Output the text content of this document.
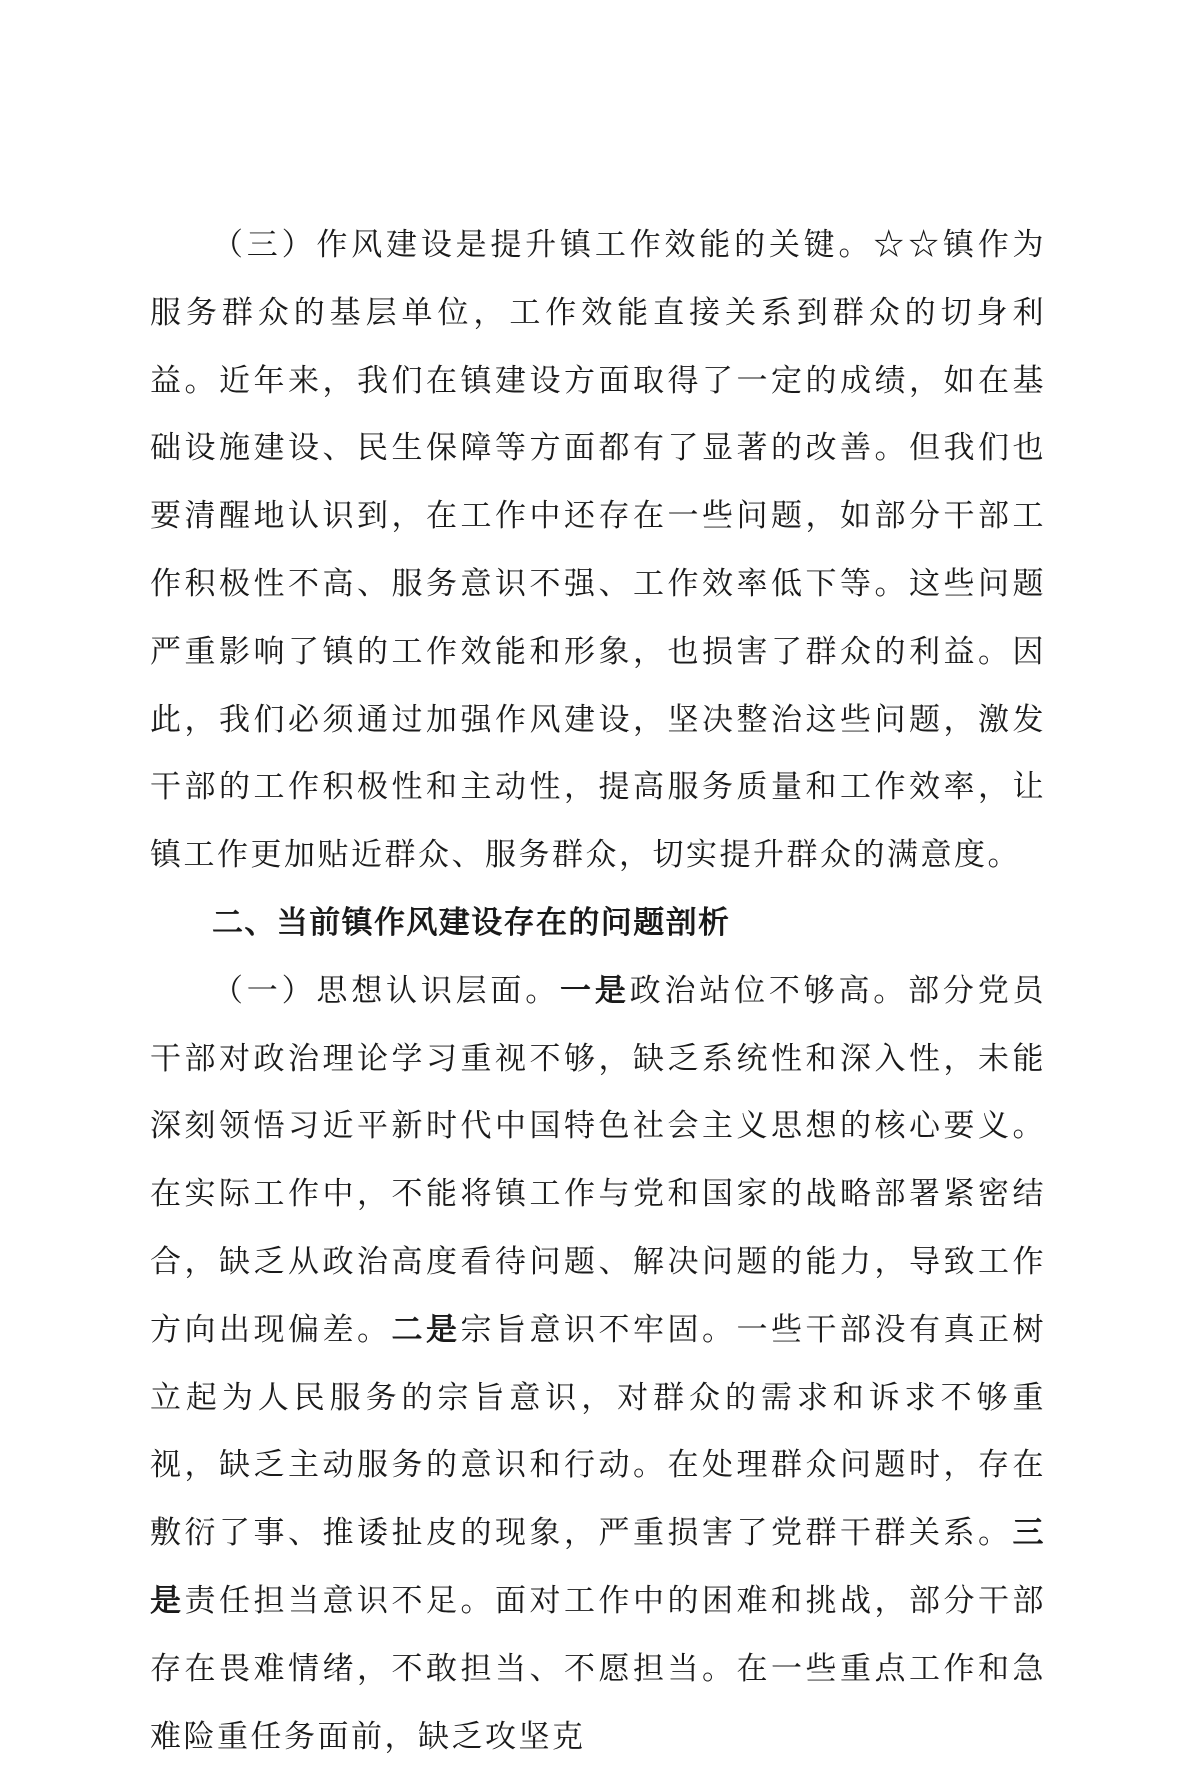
（三）作风建设是提升镇工作效能的关键。☆☆镇作为服务群众的基层单位，工作效能直接关系到群众的切身利益。近年来，我们在镇建设方面取得了一定的成绩，如在基础设施建设、民生保障等方面都有了显著的改善。但我们也要清醒地认识到，在工作中还存在一些问题，如部分干部工作积极性不高、服务意识不强、工作效率低下等。这些问题严重影响了镇的工作效能和形象，也损害了群众的利益。因此，我们必须通过加强作风建设，坚决整治这些问题，激发干部的工作积极性和主动性，提高服务质量和工作效率，让镇工作更加贴近群众、服务群众，切实提升群众的满意度。

二、当前镇作风建设存在的问题剖析

（一）思想认识层面。一是政治站位不够高。部分党员干部对政治理论学习重视不够，缺乏系统性和深入性，未能深刻领悟习近平新时代中国特色社会主义思想的核心要义。在实际工作中，不能将镇工作与党和国家的战略部署紧密结合，缺乏从政治高度看待问题、解决问题的能力，导致工作方向出现偏差。二是宗旨意识不牢固。一些干部没有真正树立起为人民服务的宗旨意识，对群众的需求和诉求不够重视，缺乏主动服务的意识和行动。在处理群众问题时，存在敷衍了事、推诿扯皮的现象，严重损害了党群干群关系。三是责任担当意识不足。面对工作中的困难和挑战，部分干部存在畏难情绪，不敢担当、不愿担当。在一些重点工作和急难险重任务面前，缺乏攻坚克
